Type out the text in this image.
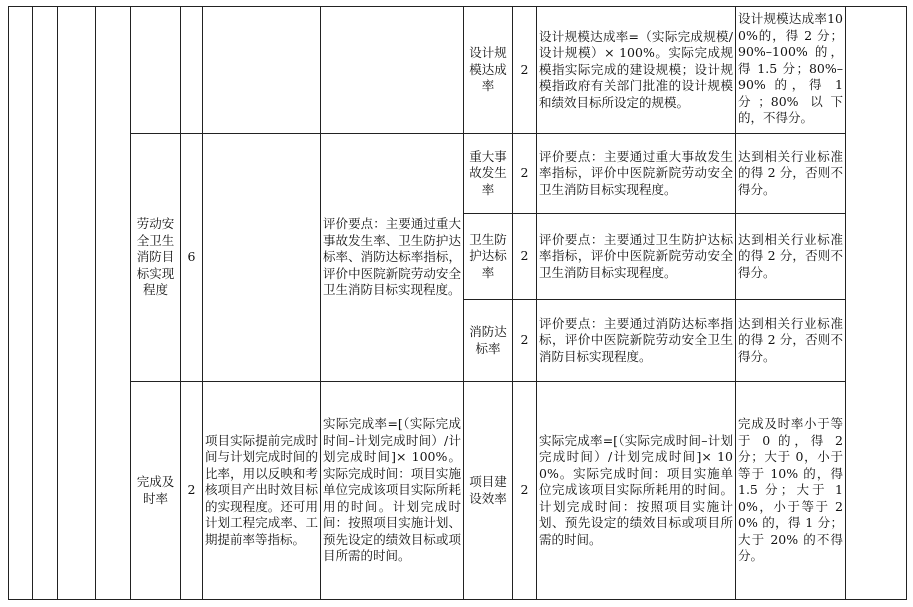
								设计规模达成率	2	设计规模达成率=（实际完成规模/设计规模）× 100%。实际完成规模指实际完成的建设规模；设计规模指政府有关部门批准的设计规模和绩效目标所设定的规模。	设计规模达成率100%的，得 2 分；90%–100% 的，得 1.5 分；80%–90% 的，得 1 分；80% 以下的，不得分。	
				劳动安全卫生消防目标实现程度	6		评价要点：主要通过重大事故发生率、卫生防护达标率、消防达标率指标，评价中医院新院劳动安全卫生消防目标实现程度。	重大事故发生率	2	评价要点：主要通过重大事故发生率指标，评价中医院新院劳动安全卫生消防目标实现程度。	达到相关行业标准的得 2 分，否则不得分。	
								卫生防护达标率	2	评价要点：主要通过卫生防护达标率指标，评价中医院新院劳动安全卫生消防目标实现程度。	达到相关行业标准的得 2 分，否则不得分。	
								消防达标率	2	评价要点：主要通过消防达标率指标，评价中医院新院劳动安全卫生消防目标实现程度。	达到相关行业标准的得 2 分，否则不得分。	
				完成及时率	2	项目实际提前完成时间与计划完成时间的比率，用以反映和考核项目产出时效目标的实现程度。还可用计划工程完成率、工期提前率等指标。	实际完成率=[（实际完成时间–计划完成时间）/计划完成时间]× 100%。实际完成时间：项目实施单位完成该项目实际所耗用的时间。计划完成时间：按照项目实施计划、预先设定的绩效目标或项目所需的时间。	项目建设效率	2	实际完成率=[（实际完成时间–计划完成时间）/计划完成时间]× 100%。实际完成时间：项目实施单位完成该项目实际所耗用的时间。计划完成时间：按照项目实施计划、预先设定的绩效目标或项目所需的时间。	完成及时率小于等于 0 的，得 2 分；大于 0，小于等于 10% 的，得 1.5 分；大于 10%，小于等于 20% 的，得 1 分；大于 20% 的不得分。	
